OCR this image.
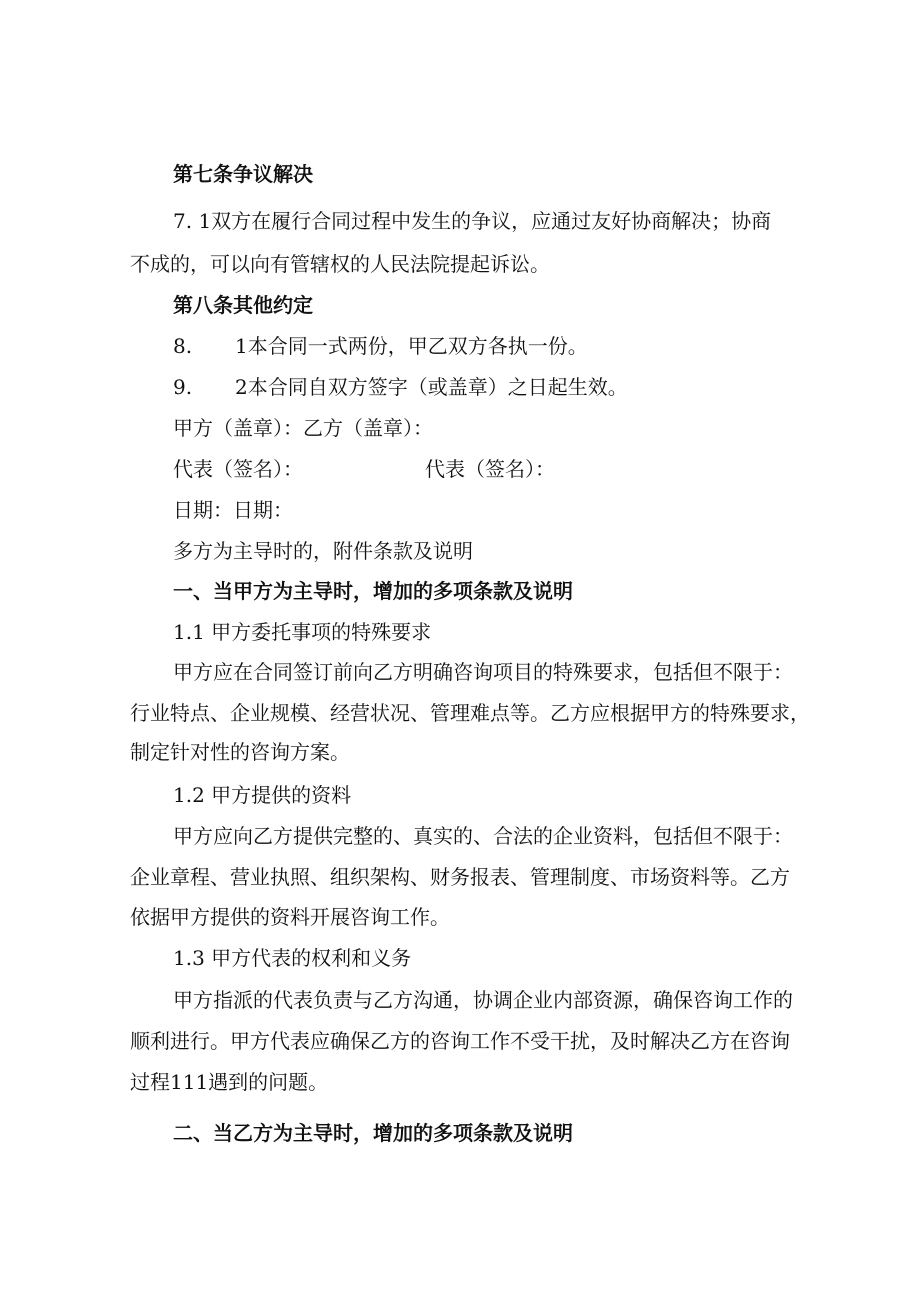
第七条争议解决

7. 1双方在履行合同过程中发生的争议，应通过友好协商解决；协商

不成的，可以向有管辖权的人民法院提起诉讼。

第八条其他约定

8. 1本合同一式两份，甲乙双方各执一份。

9. 2本合同自双方签字（或盖章）之日起生效。

甲方（盖章）：乙方（盖章）：

代表（签名）：	代表（签名）：

日期：日期：

多方为主导时的，附件条款及说明

一、当甲方为主导时，增加的多项条款及说明

1.1 甲方委托事项的特殊要求

甲方应在合同签订前向乙方明确咨询项目的特殊要求，包括但不限于：

行业特点、企业规模、经营状况、管理难点等。乙方应根据甲方的特殊要求，

制定针对性的咨询方案。

1.2 甲方提供的资料

甲方应向乙方提供完整的、真实的、合法的企业资料，包括但不限于：

企业章程、营业执照、组织架构、财务报表、管理制度、市场资料等。乙方

依据甲方提供的资料开展咨询工作。

1.3 甲方代表的权利和义务

甲方指派的代表负责与乙方沟通，协调企业内部资源，确保咨询工作的

顺利进行。甲方代表应确保乙方的咨询工作不受干扰，及时解决乙方在咨询

过程111遇到的问题。

二、当乙方为主导时，增加的多项条款及说明
